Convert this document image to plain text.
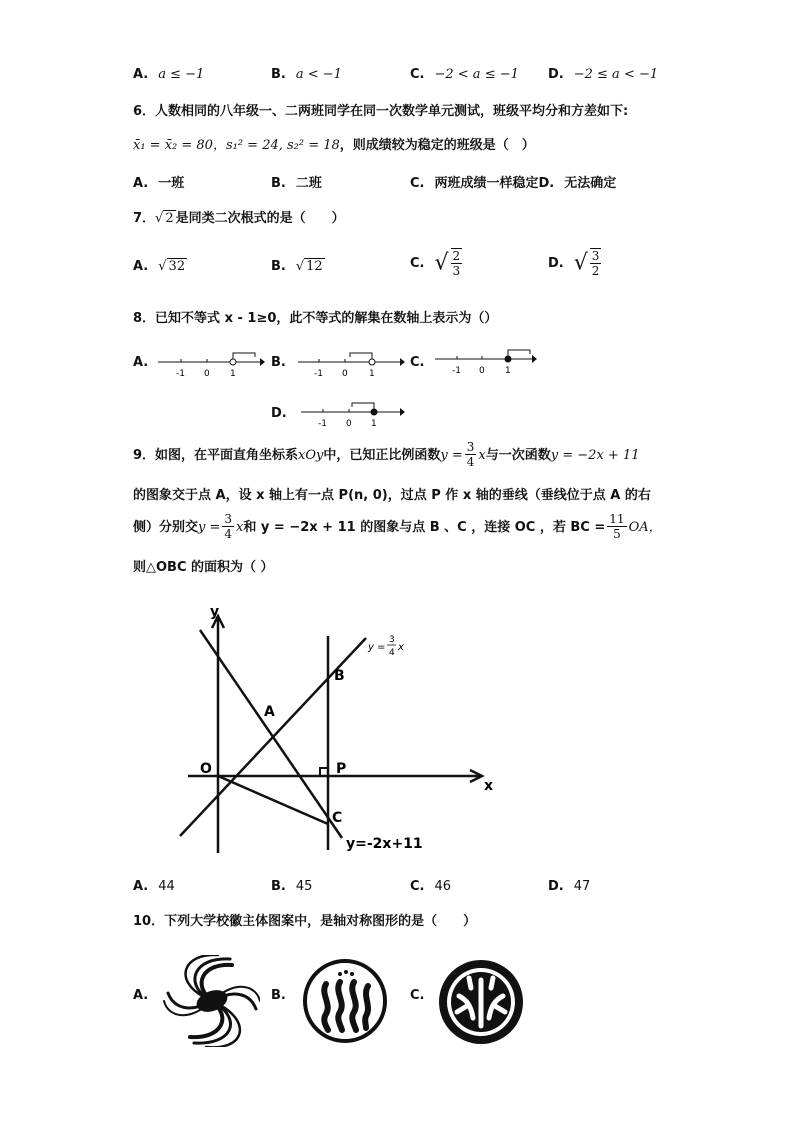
A. a ≤ −1	B. a < −1	C. −2 < a ≤ −1 D. −2 ≤ a < −1
6．人数相同的八年级一、二两班同学在同一次数学单元测试，班级平均分和方差如下:
x̄₁ = x̄₂ = 80，s₁² = 24, s₂² = 18，则成绩较为稳定的班级是（　）
A. 一班	B. 二班	C. 两班成绩一样稳定D. 无法确定
7．√ 2 是同类二次根式的是（　　）
A. √ 32	B. √ 12	C. √ $\frac{2}{3}$	D. √ $\frac{3}{2}$
8．已知不等式 x - 1≥0，此不等式的解集在数轴上表示为（）
A.
-1 0 1
B.
-1 0 1
C.
-1 0 1
D.
-1 0 1
9．如图，在平面直角坐标系xOy中，已知正比例函数$y = \frac{3}{4}$ x与一次函数y = −2x + 11
的图象交于点 A，设 x 轴上有一点 P(n, 0)，过点 P 作 x 轴的垂线（垂线位于点 A 的右
侧）分别交$y = \frac{3}{4}$ x和 y = −2x + 11 的图象与点 B 、C ，连接 OC ，若 BC = $\frac{11}{5}$ OA，
则△OBC 的面积为（ ）
y
x
O
A
B
C
P
y =
3
4 x
y=-2x+11
A. 44	B. 45	C. 46	D. 47
10．下列大学校徽主体图案中，是轴对称图形的是（　　）
A.	B.	C.
